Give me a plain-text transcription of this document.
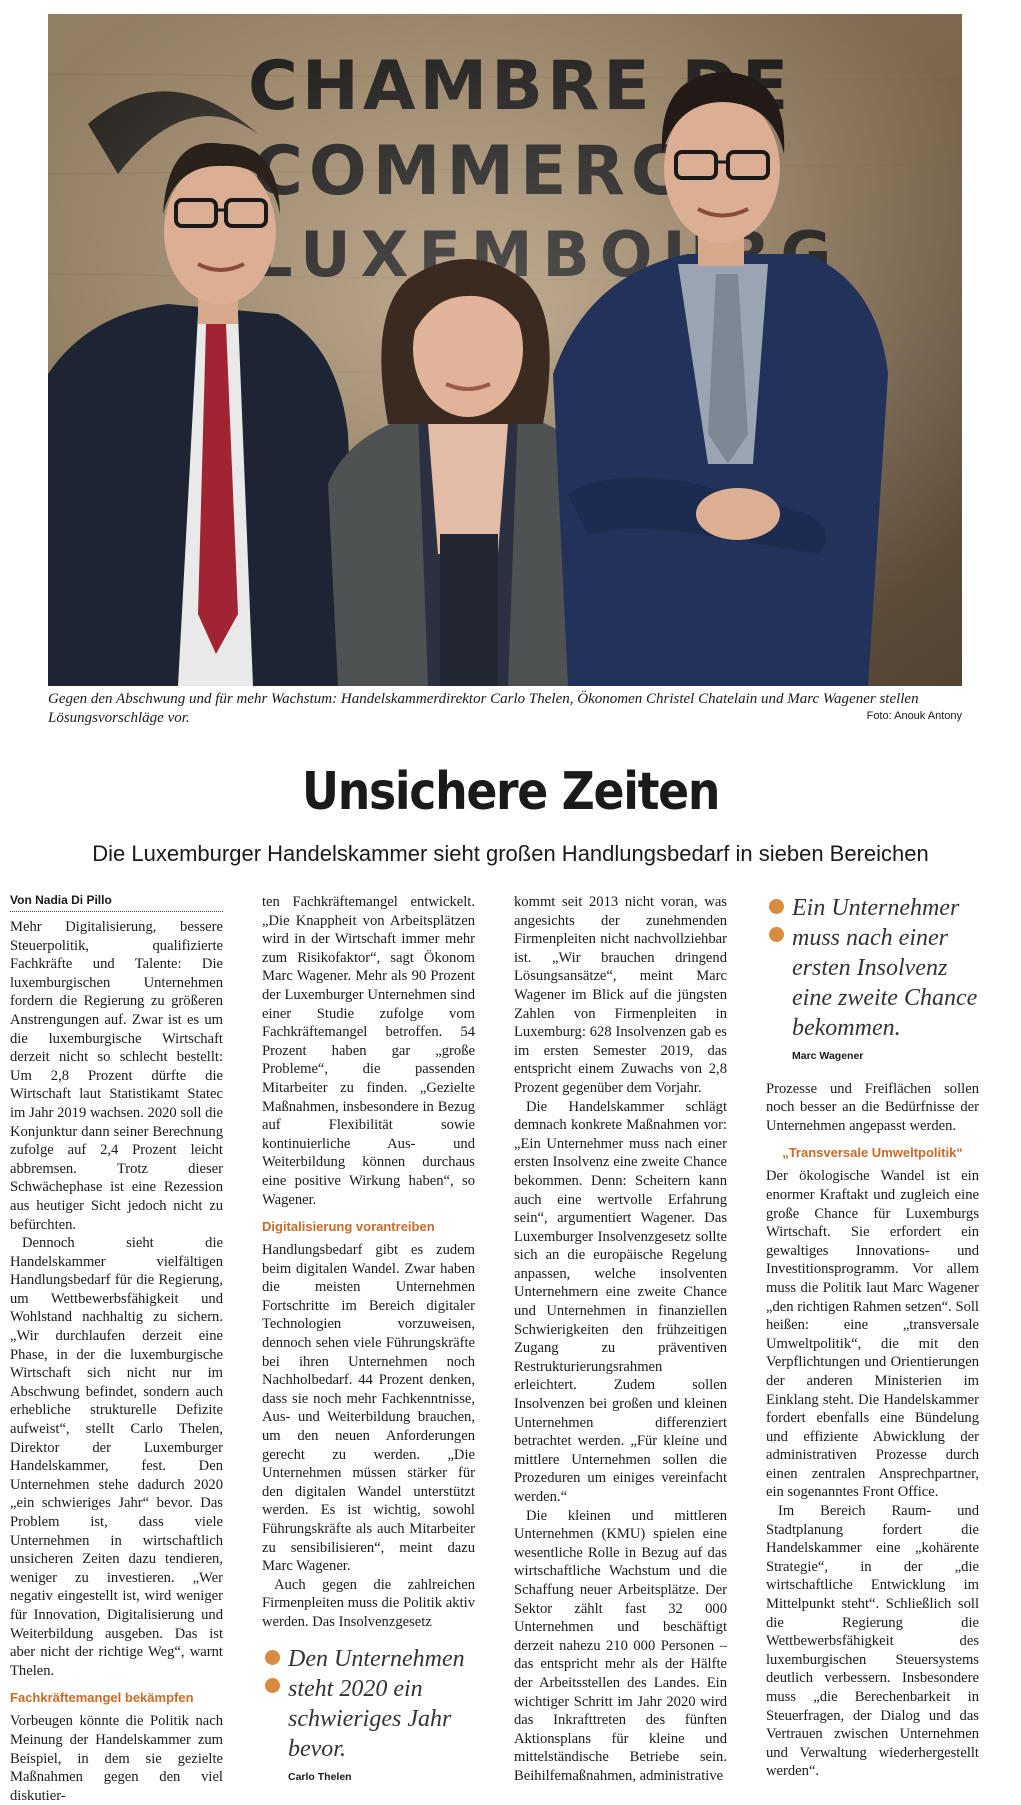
Gegen den Abschwung und für mehr Wachstum: Handelskammerdirektor Carlo Thelen, Ökonomen Christel Chatelain und Marc Wagener stellen Lösungsvorschläge vor.	Foto: Anouk Antony
Unsichere Zeiten
Die Luxemburger Handelskammer sieht großen Handlungsbedarf in sieben Bereichen
Von Nadia Di Pillo

Mehr Digitalisierung, bessere Steuerpolitik, qualifizierte Fachkräfte und Talente: Die luxemburgischen Unternehmen fordern die Regierung zu größeren Anstrengungen auf. Zwar ist es um die luxemburgische Wirtschaft derzeit nicht so schlecht bestellt: Um 2,8 Prozent dürfte die Wirtschaft laut Statistikamt Statec im Jahr 2019 wachsen. 2020 soll die Konjunktur dann seiner Berechnung zufolge auf 2,4 Prozent leicht abbremsen. Trotz dieser Schwächephase ist eine Rezession aus heutiger Sicht jedoch nicht zu befürchten.

Dennoch sieht die Handelskammer vielfältigen Handlungsbedarf für die Regierung, um Wettbewerbsfähigkeit und Wohlstand nachhaltig zu sichern. „Wir durchlaufen derzeit eine Phase, in der die luxemburgische Wirtschaft sich nicht nur im Abschwung befindet, sondern auch erhebliche strukturelle Defizite aufweist“, stellt Carlo Thelen, Direktor der Luxemburger Handelskammer, fest. Den Unternehmen stehe dadurch 2020 „ein schwieriges Jahr“ bevor. Das Problem ist, dass viele Unternehmen in wirtschaftlich unsicheren Zeiten dazu tendieren, weniger zu investieren. „Wer negativ eingestellt ist, wird weniger für Innovation, Digitalisierung und Weiterbildung ausgeben. Das ist aber nicht der richtige Weg“, warnt Thelen.

Fachkräftemangel bekämpfen

Vorbeugen könnte die Politik nach Meinung der Handelskammer zum Beispiel, in dem sie gezielte Maßnahmen gegen den viel diskutier-

ten Fachkräftemangel entwickelt. „Die Knappheit von Arbeitsplätzen wird in der Wirtschaft immer mehr zum Risikofaktor“, sagt Ökonom Marc Wagener. Mehr als 90 Prozent der Luxemburger Unternehmen sind einer Studie zufolge vom Fachkräftemangel betroffen. 54 Prozent haben gar „große Probleme“, die passenden Mitarbeiter zu finden. „Gezielte Maßnahmen, insbesondere in Bezug auf Flexibilität sowie kontinuierliche Aus- und Weiterbildung können durchaus eine positive Wirkung haben“, so Wagener.

Digitalisierung vorantreiben

Handlungsbedarf gibt es zudem beim digitalen Wandel. Zwar haben die meisten Unternehmen Fortschritte im Bereich digitaler Technologien vorzuweisen, dennoch sehen viele Führungskräfte bei ihren Unternehmen noch Nachholbedarf. 44 Prozent denken, dass sie noch mehr Fachkenntnisse, Aus- und Weiterbildung brauchen, um den neuen Anforderungen gerecht zu werden. „Die Unternehmen müssen stärker für den digitalen Wandel unterstützt werden. Es ist wichtig, sowohl Führungskräfte als auch Mitarbeiter zu sensibilisieren“, meint dazu Marc Wagener.

Auch gegen die zahlreichen Firmenpleiten muss die Politik aktiv werden. Das Insolvenzgesetz

Den Unternehmen steht 2020 ein schwieriges Jahr bevor.
Carlo Thelen

kommt seit 2013 nicht voran, was angesichts der zunehmenden Firmenpleiten nicht nachvollziehbar ist. „Wir brauchen dringend Lösungsansätze“, meint Marc Wagener im Blick auf die jüngsten Zahlen von Firmenpleiten in Luxemburg: 628 Insolvenzen gab es im ersten Semester 2019, das entspricht einem Zuwachs von 2,8 Prozent gegenüber dem Vorjahr.

Die Handelskammer schlägt demnach konkrete Maßnahmen vor: „Ein Unternehmer muss nach einer ersten Insolvenz eine zweite Chance bekommen. Denn: Scheitern kann auch eine wertvolle Erfahrung sein“, argumentiert Wagener. Das Luxemburger Insolvenzgesetz sollte sich an die europäische Regelung anpassen, welche insolventen Unternehmern eine zweite Chance und Unternehmen in finanziellen Schwierigkeiten den frühzeitigen Zugang zu präventiven Restrukturierungsrahmen erleichtert. Zudem sollen Insolvenzen bei großen und kleinen Unternehmen differenziert betrachtet werden. „Für kleine und mittlere Unternehmen sollen die Prozeduren um einiges vereinfacht werden.“

Die kleinen und mittleren Unternehmen (KMU) spielen eine wesentliche Rolle in Bezug auf das wirtschaftliche Wachstum und die Schaffung neuer Arbeitsplätze. Der Sektor zählt fast 32 000 Unternehmen und beschäftigt derzeit nahezu 210 000 Personen – das entspricht mehr als der Hälfte der Arbeitsstellen des Landes. Ein wichtiger Schritt im Jahr 2020 wird das Inkrafttreten des fünften Aktionsplans für kleine und mittelständische Betriebe sein. Beihilfemaßnahmen, administrative

Ein Unternehmer muss nach einer ersten Insolvenz eine zweite Chance bekommen.
Marc Wagener

Prozesse und Freiflächen sollen noch besser an die Bedürfnisse der Unternehmen angepasst werden.

„Transversale Umweltpolitik“

Der ökologische Wandel ist ein enormer Kraftakt und zugleich eine große Chance für Luxemburgs Wirtschaft. Sie erfordert ein gewaltiges Innovations- und Investitionsprogramm. Vor allem muss die Politik laut Marc Wagener „den richtigen Rahmen setzen“. Soll heißen: eine „transversale Umweltpolitik“, die mit den Verpflichtungen und Orientierungen der anderen Ministerien im Einklang steht. Die Handelskammer fordert ebenfalls eine Bündelung und effiziente Abwicklung der administrativen Prozesse durch einen zentralen Ansprechpartner, ein sogenanntes Front Office.

Im Bereich Raum- und Stadtplanung fordert die Handelskammer eine „kohärente Strategie“, in der „die wirtschaftliche Entwicklung im Mittelpunkt steht“. Schließlich soll die Regierung die Wettbewerbsfähigkeit des luxemburgischen Steuersystems deutlich verbessern. Insbesondere muss „die Berechenbarkeit in Steuerfragen, der Dialog und das Vertrauen zwischen Unternehmen und Verwaltung wiederhergestellt werden“.
